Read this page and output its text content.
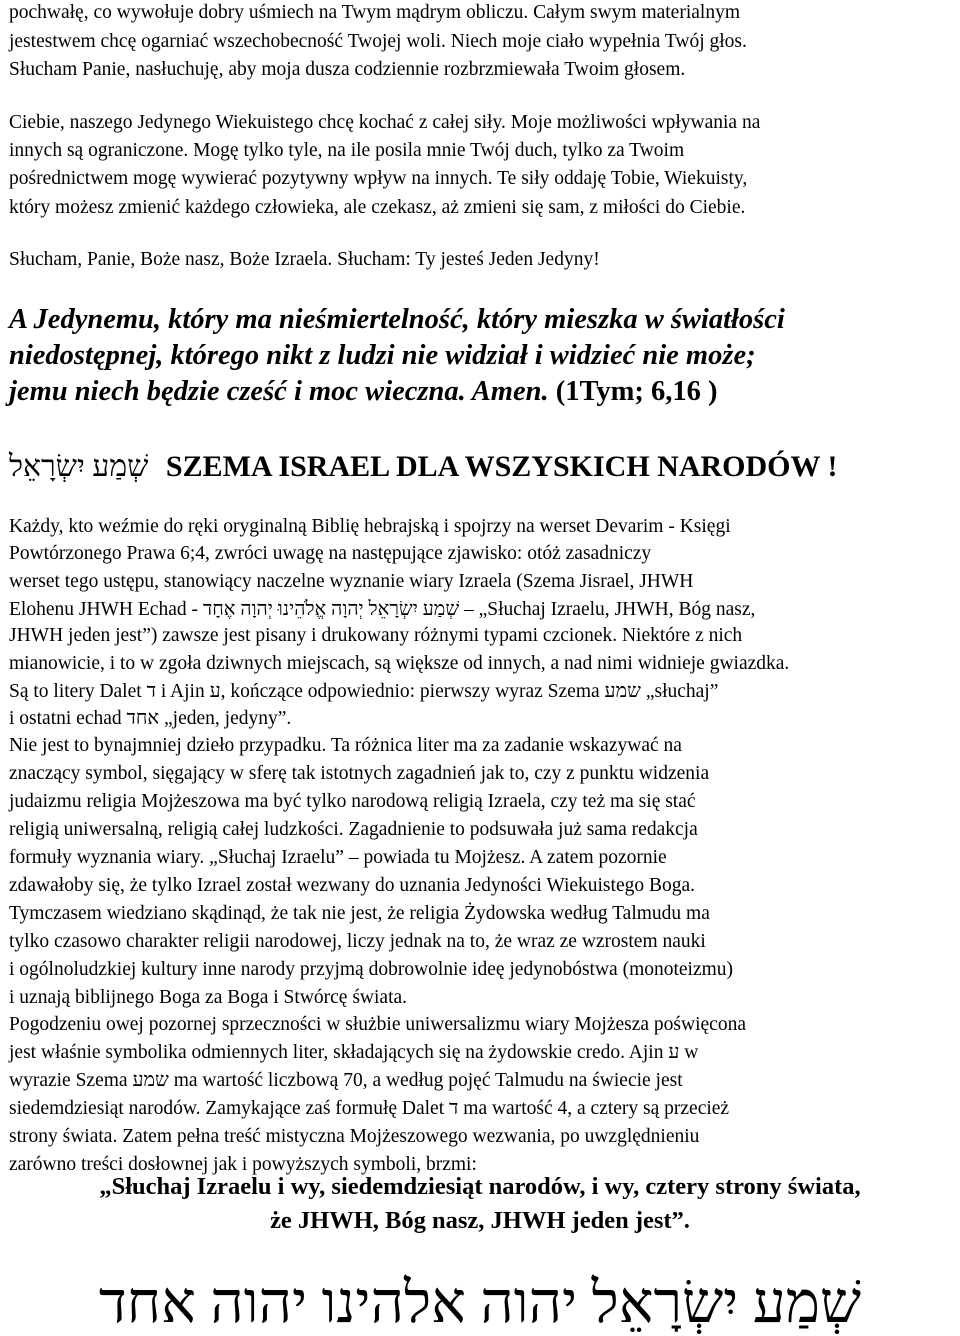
pochwałę, co wywołuje dobry uśmiech na Twym mądrym obliczu. Całym swym materialnym
jestestwem chcę ogarniać wszechobecność Twojej woli. Niech moje ciało wypełnia Twój głos.
Słucham Panie, nasłuchuję, aby moja dusza codziennie rozbrzmiewała Twoim głosem.
Ciebie, naszego Jedynego Wiekuistego chcę kochać z całej siły. Moje możliwości wpływania na
innych są ograniczone. Mogę tylko tyle, na ile posila mnie Twój duch, tylko za Twoim
pośrednictwem mogę wywierać pozytywny wpływ na innych. Te siły oddaję Tobie, Wiekuisty,
który możesz zmienić każdego człowieka, ale czekasz, aż zmieni się sam, z miłości do Ciebie.
Słucham, Panie, Boże nasz, Boże Izraela. Słucham: Ty jesteś Jeden Jedyny!
A Jedynemu, który ma nieśmiertelność, który mieszka w światłości
niedostępnej, którego nikt z ludzi nie widział i widzieć nie może;
jemu niech będzie cześć i moc wieczna. Amen. (1Tym; 6,16 )
שְׁמַע יִשְׂרָאֵל SZEMA ISRAEL DLA WSZYSKICH NARODÓW !
Każdy, kto weźmie do ręki oryginalną Biblię hebrajską i spojrzy na werset Devarim - Księgi
Powtórzonego Prawa 6;4, zwróci uwagę na następujące zjawisko: otóż zasadniczy
werset tego ustępu, stanowiący naczelne wyznanie wiary Izraela (Szema Jisrael, JHWH
Elohenu JHWH Echad - שְׁמַע יִשְׂרָאֵל יְהוָה אֱלֹהֵינוּ יְהוָה אֶחָד – „Słuchaj Izraelu, JHWH, Bóg nasz,
JHWH jeden jest”) zawsze jest pisany i drukowany różnymi typami czcionek. Niektóre z nich
mianowicie, i to w zgoła dziwnych miejscach, są większe od innych, a nad nimi widnieje gwiazdka.
Są to litery Dalet ד i Ajin ע, kończące odpowiednio: pierwszy wyraz Szema שמע „słuchaj”
i ostatni echad אחד „jeden, jedyny”.
Nie jest to bynajmniej dzieło przypadku. Ta różnica liter ma za zadanie wskazywać na
znaczący symbol, sięgający w sferę tak istotnych zagadnień jak to, czy z punktu widzenia
judaizmu religia Mojżeszowa ma być tylko narodową religią Izraela, czy też ma się stać
religią uniwersalną, religią całej ludzkości. Zagadnienie to podsuwała już sama redakcja
formuły wyznania wiary. „Słuchaj Izraelu” – powiada tu Mojżesz. A zatem pozornie
zdawałoby się, że tylko Izrael został wezwany do uznania Jedyności Wiekuistego Boga.
Tymczasem wiedziano skądinąd, że tak nie jest, że religia Żydowska według Talmudu ma
tylko czasowo charakter religii narodowej, liczy jednak na to, że wraz ze wzrostem nauki
i ogólnoludzkiej kultury inne narody przyjmą dobrowolnie ideę jedynobóstwa (monoteizmu)
i uznają biblijnego Boga za Boga i Stwórcę świata.
Pogodzeniu owej pozornej sprzeczności w służbie uniwersalizmu wiary Mojżesza poświęcona
jest właśnie symbolika odmiennych liter, składających się na żydowskie credo. Ajin ע w
wyrazie Szema שמע ma wartość liczbową 70, a według pojęć Talmudu na świecie jest
siedemdziesiąt narodów. Zamykające zaś formułę Dalet ד ma wartość 4, a cztery są przecież
strony świata. Zatem pełna treść mistyczna Mojżeszowego wezwania, po uwzględnieniu
zarówno treści dosłownej jak i powyższych symboli, brzmi:
„Słuchaj Izraelu i wy, siedemdziesiąt narodów, i wy, cztery strony świata,
że JHWH, Bóg nasz, JHWH jeden jest”.
שְׁמַע יִשְׂרָאֵל יהוה אלהינו יהוה אחד
